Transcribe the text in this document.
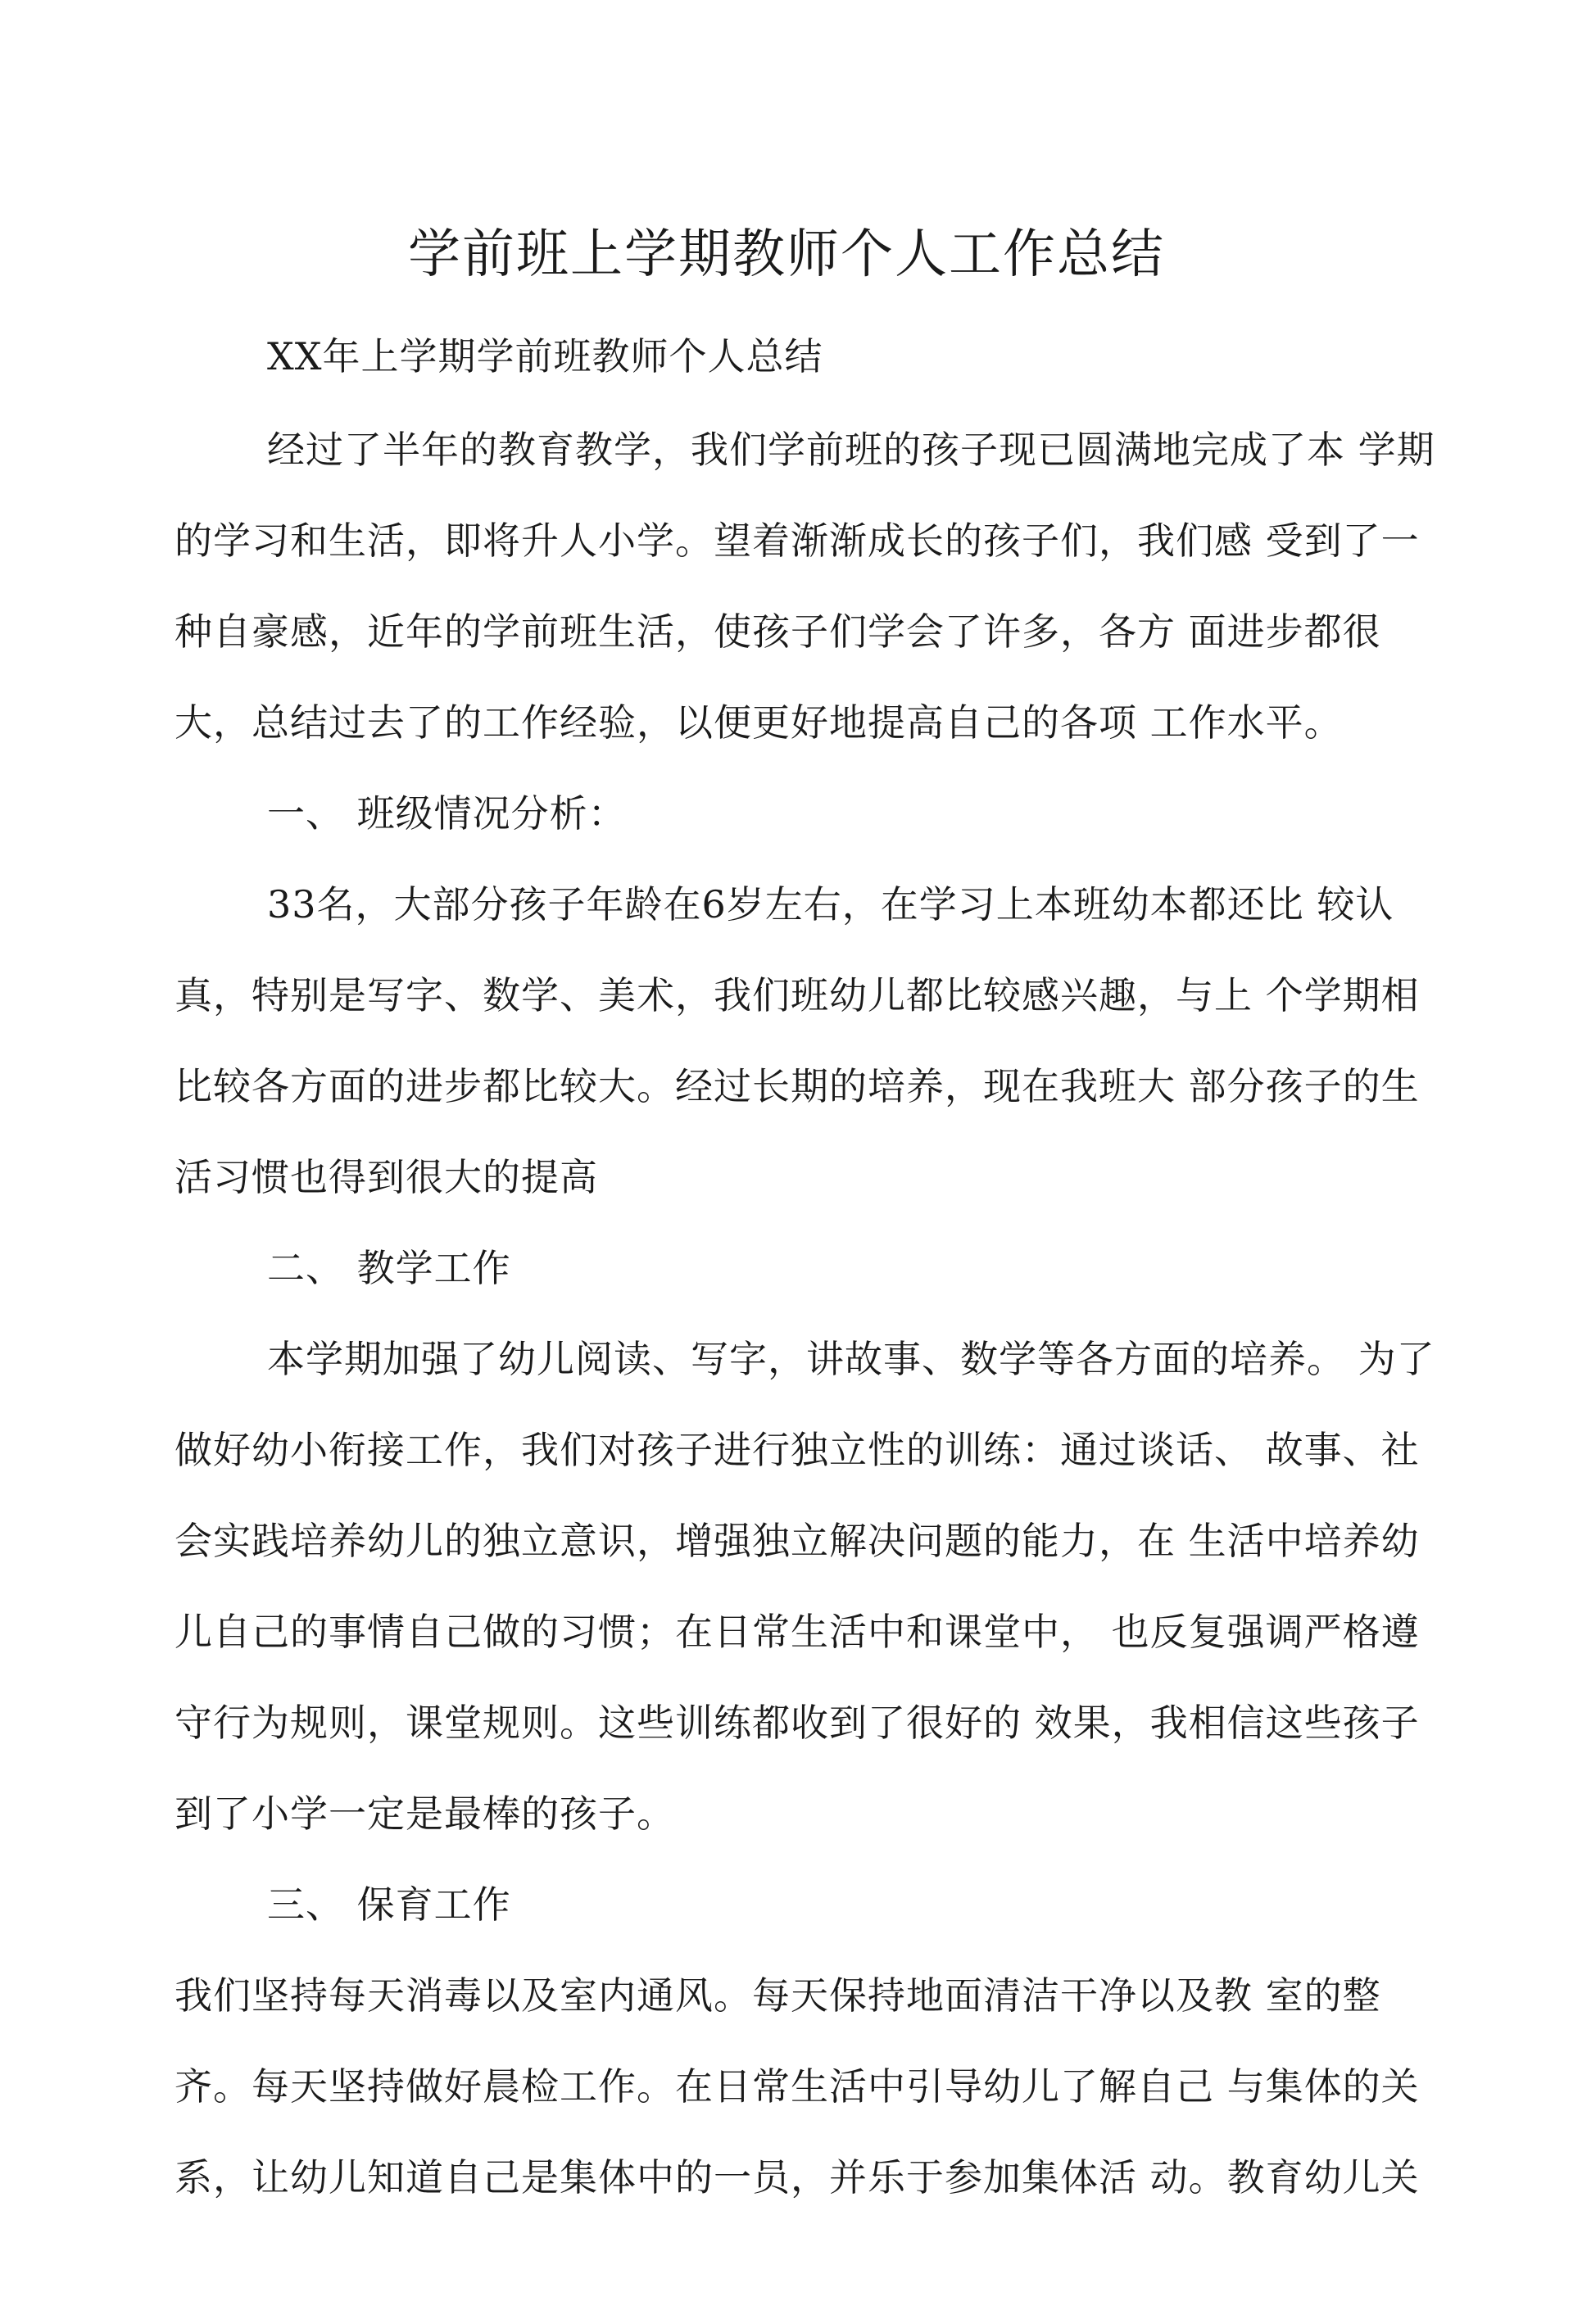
学前班上学期教师个人工作总结
XX年上学期学前班教师个人总结
经过了半年的教育教学，我们学前班的孩子现已圆满地完成了本 学期
的学习和生活，即将升人小学。望着渐渐成长的孩子们，我们感 受到了一
种自豪感，近年的学前班生活，使孩子们学会了许多，各方 面进步都很
大，总结过去了的工作经验，以便更好地提高自己的各项 工作水平。
一、 班级情况分析：
33名，大部分孩子年龄在6岁左右，在学习上本班幼本都还比 较认
真，特别是写字、数学、美术，我们班幼儿都比较感兴趣，与上 个学期相
比较各方面的进步都比较大。经过长期的培养，现在我班大 部分孩子的生
活习惯也得到很大的提高
二、 教学工作
本学期加强了幼儿阅读、写字，讲故事、数学等各方面的培养。 为了
做好幼小衔接工作，我们对孩子进行独立性的训练：通过谈话、 故事、社
会实践培养幼儿的独立意识，增强独立解决问题的能力，在 生活中培养幼
儿自己的事情自己做的习惯；在日常生活中和课堂中， 也反复强调严格遵
守行为规则，课堂规则。这些训练都收到了很好的 效果，我相信这些孩子
到了小学一定是最棒的孩子。
三、 保育工作
我们坚持每天消毒以及室内通风。每天保持地面清洁干净以及教 室的整
齐。每天坚持做好晨检工作。在日常生活中引导幼儿了解自己 与集体的关
系，让幼儿知道自己是集体中的一员，并乐于参加集体活 动。教育幼儿关
